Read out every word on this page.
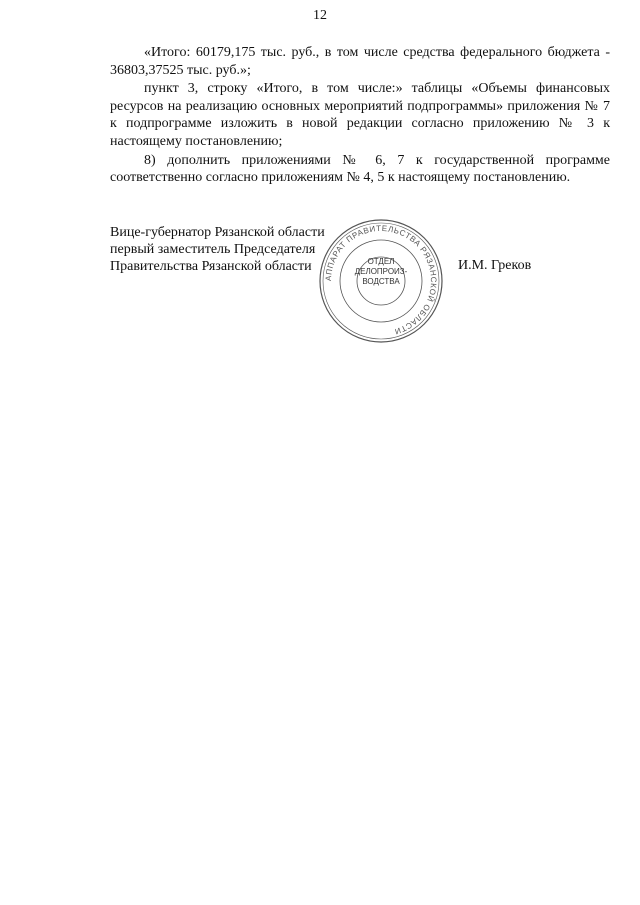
12

«Итого: 60179,175 тыс. руб., в том числе средства федерального бюджета - 36803,37525 тыс. руб.»;

пункт 3, строку «Итого, в том числе:» таблицы «Объемы финансовых ресурсов на реализацию основных мероприятий подпрограммы» приложения № 7 к подпрограмме изложить в новой редакции согласно приложению № 3 к настоящему постановлению;

8) дополнить приложениями № 6, 7 к государственной программе соответственно согласно приложениям № 4, 5 к настоящему постановлению.

Вице-губернатор Рязанской области
первый заместитель Председателя
Правительства Рязанской области	И.М. Греков
АППАРАТ ПРАВИТЕЛЬСТВА РЯЗАНСКОЙ ОБЛАСТИ
ОТДЕЛ
ДЕЛОПРОИЗ-
ВОДСТВА
